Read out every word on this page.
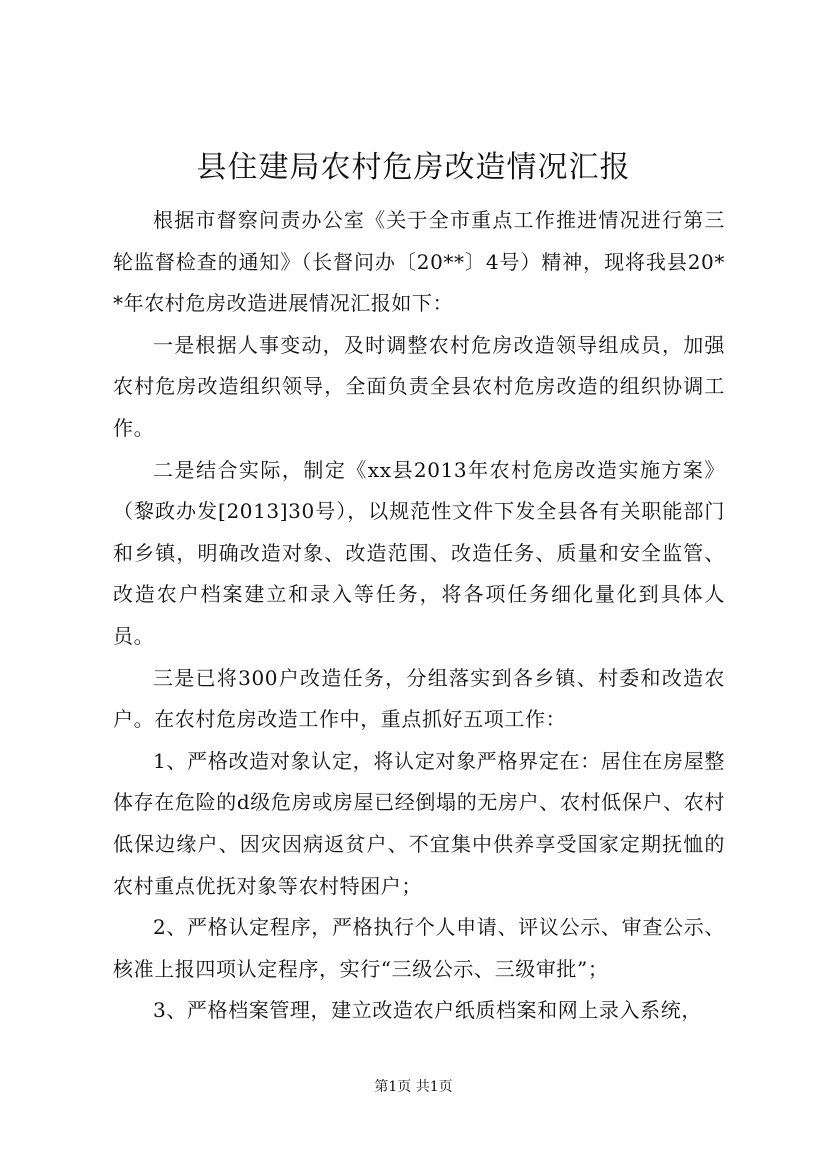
县住建局农村危房改造情况汇报

根据市督察问责办公室《关于全市重点工作推进情况进行第三轮监督检查的通知》（长督问办〔20**〕4号）精神，现将我县20**年农村危房改造进展情况汇报如下：

一是根据人事变动，及时调整农村危房改造领导组成员，加强农村危房改造组织领导，全面负责全县农村危房改造的组织协调工作。

二是结合实际，制定《xx县2013年农村危房改造实施方案》（黎政办发[2013]30号），以规范性文件下发全县各有关职能部门和乡镇，明确改造对象、改造范围、改造任务、质量和安全监管、改造农户档案建立和录入等任务，将各项任务细化量化到具体人员。

三是已将300户改造任务，分组落实到各乡镇、村委和改造农户。在农村危房改造工作中，重点抓好五项工作：

1、严格改造对象认定，将认定对象严格界定在：居住在房屋整体存在危险的d级危房或房屋已经倒塌的无房户、农村低保户、农村低保边缘户、因灾因病返贫户、不宜集中供养享受国家定期抚恤的农村重点优抚对象等农村特困户；

2、严格认定程序，严格执行个人申请、评议公示、审查公示、核准上报四项认定程序，实行“三级公示、三级审批”；

3、严格档案管理，建立改造农户纸质档案和网上录入系统，

第1页 共1页
